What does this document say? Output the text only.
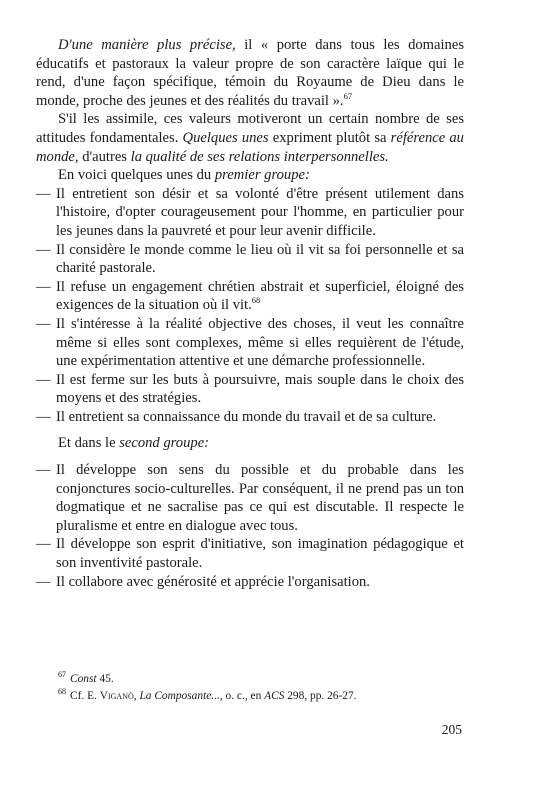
D'une manière plus précise, il « porte dans tous les domaines éducatifs et pastoraux la valeur propre de son caractère laïque qui le rend, d'une façon spécifique, témoin du Royaume de Dieu dans le monde, proche des jeunes et des réalités du travail ».$^{67}$

S'il les assimile, ces valeurs motiveront un certain nombre de ses attitudes fondamentales. Quelques unes expriment plutôt sa référence au monde, d'autres la qualité de ses relations interpersonnelles.

En voici quelques unes du premier groupe:

— Il entretient son désir et sa volonté d'être présent utilement dans l'histoire, d'opter courageusement pour l'homme, en particulier pour les jeunes dans la pauvreté et pour leur avenir difficile.
— Il considère le monde comme le lieu où il vit sa foi personnelle et sa charité pastorale.
— Il refuse un engagement chrétien abstrait et superficiel, éloigné des exigences de la situation où il vit.$^{68}$
— Il s'intéresse à la réalité objective des choses, il veut les connaître même si elles sont complexes, même si elles requièrent de l'étude, une expérimentation attentive et une démarche professionnelle.
— Il est ferme sur les buts à poursuivre, mais souple dans le choix des moyens et des stratégies.
— Il entretient sa connaissance du monde du travail et de sa culture.

Et dans le second groupe:

— Il développe son sens du possible et du probable dans les conjonctures socio-culturelles. Par conséquent, il ne prend pas un ton dogmatique et ne sacralise pas ce qui est discutable. Il respecte le pluralisme et entre en dialogue avec tous.
— Il développe son esprit d'initiative, son imagination pédagogique et son inventivité pastorale.
— Il collabore avec générosité et apprécie l'organisation.
$^{67}$ Const 45.
$^{68}$ Cf. E. Viganò, La Composante..., o. c., en ACS 298, pp. 26-27.
205
